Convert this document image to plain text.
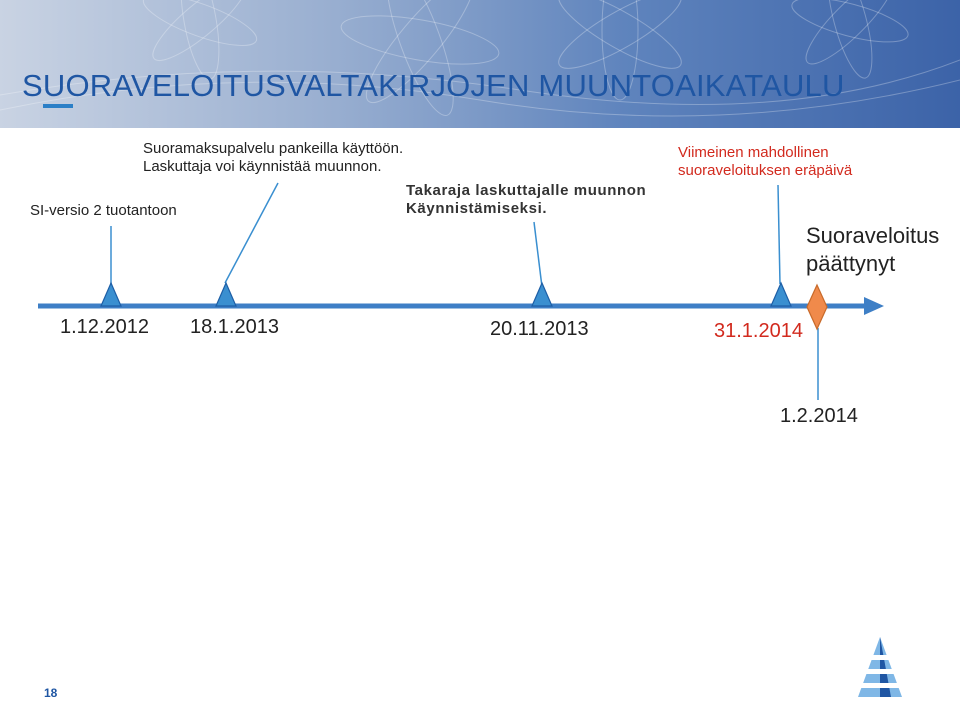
SUORAVELOITUSVALTAKIRJOJEN MUUNTOAIKATAULU
SI-versio 2 tuotantoon
Suoramaksupalvelu pankeilla käyttöön.
Laskuttaja voi käynnistää muunnon.
Takaraja laskuttajalle muunnon
Käynnistämiseksi.
Viimeinen mahdollinen
suoraveloituksen eräpäivä
Suoraveloitus
päättynyt
1.12.2012 18.1.2013	20.11.2013	31.1.2014
1.2.2014
18
